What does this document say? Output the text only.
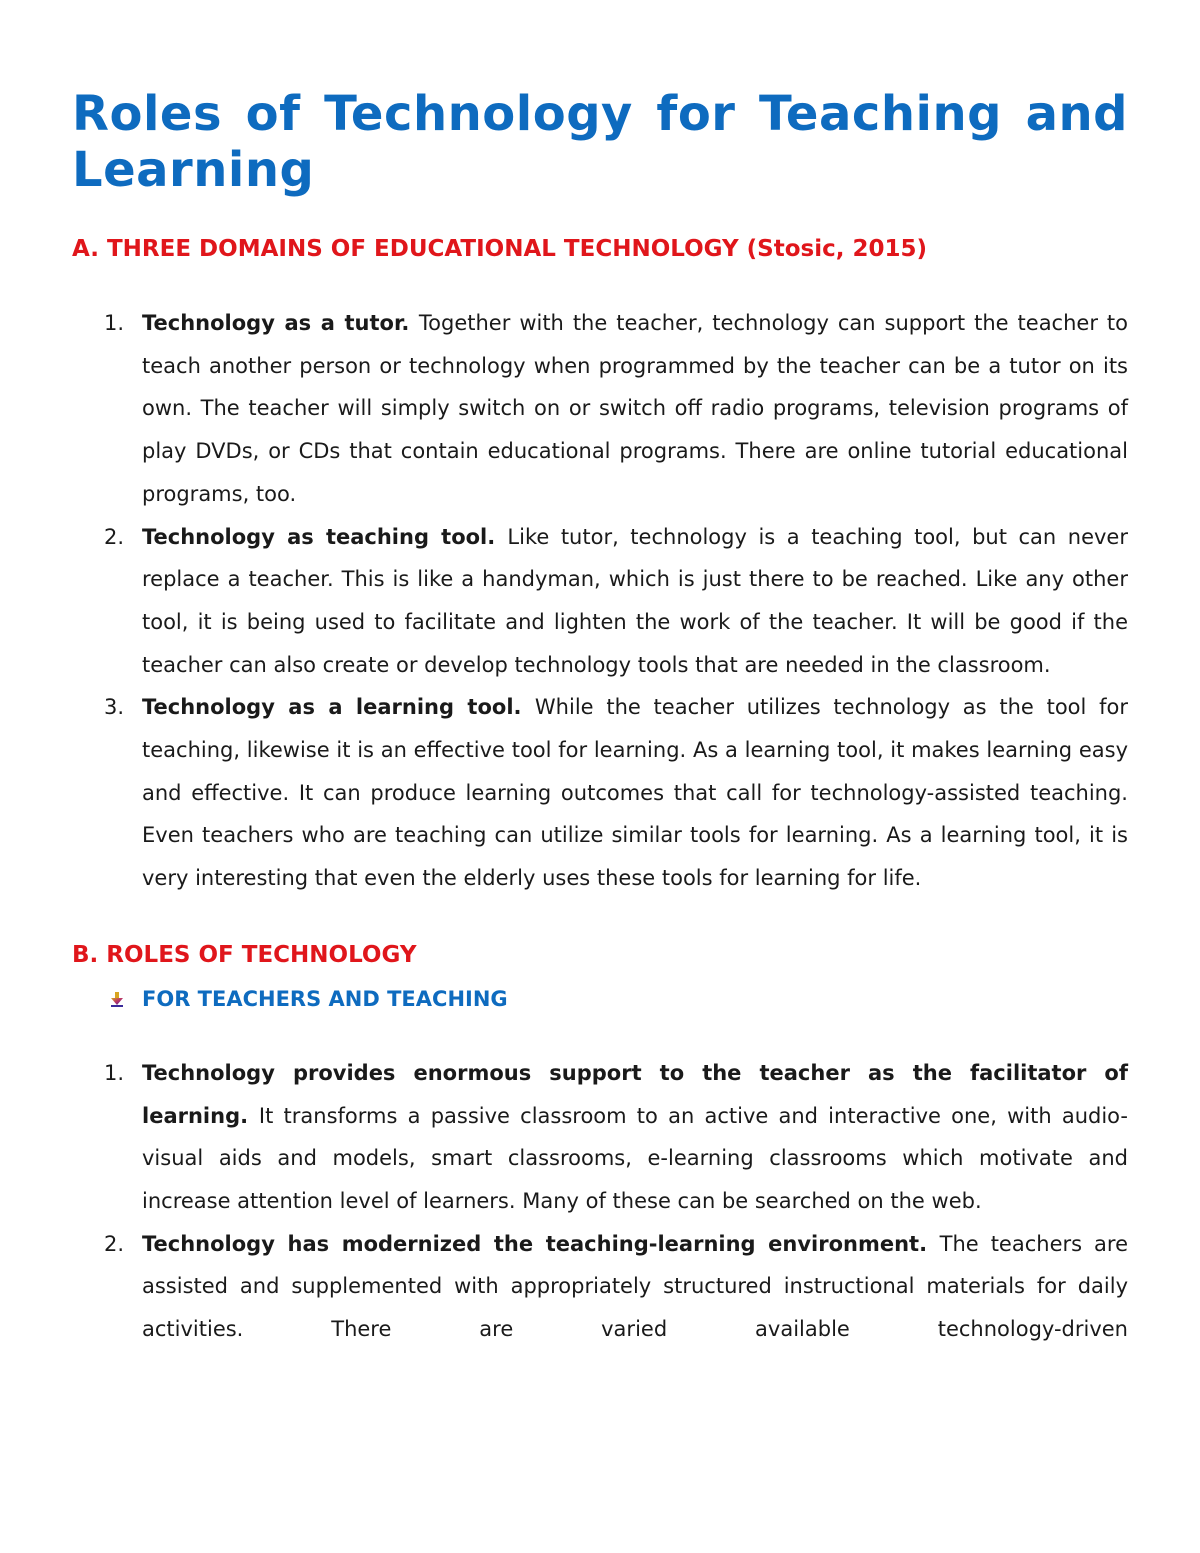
Roles of Technology for Teaching and Learning
A. THREE DOMAINS OF EDUCATIONAL TECHNOLOGY (Stosic, 2015)
1. Technology as a tutor. Together with the teacher, technology can support the teacher to teach another person or technology when programmed by the teacher can be a tutor on its own. The teacher will simply switch on or switch off radio programs, television programs of play DVDs, or CDs that contain educational programs. There are online tutorial educational programs, too.
2. Technology as teaching tool. Like tutor, technology is a teaching tool, but can never replace a teacher. This is like a handyman, which is just there to be reached. Like any other tool, it is being used to facilitate and lighten the work of the teacher. It will be good if the teacher can also create or develop technology tools that are needed in the classroom.
3. Technology as a learning tool. While the teacher utilizes technology as the tool for teaching, likewise it is an effective tool for learning. As a learning tool, it makes learning easy and effective. It can produce learning outcomes that call for technology-assisted teaching. Even teachers who are teaching can utilize similar tools for learning. As a learning tool, it is very interesting that even the elderly uses these tools for learning for life.
B. ROLES OF TECHNOLOGY
FOR TEACHERS AND TEACHING
1. Technology provides enormous support to the teacher as the facilitator of learning. It transforms a passive classroom to an active and interactive one, with audio-visual aids and models, smart classrooms, e-learning classrooms which motivate and increase attention level of learners. Many of these can be searched on the web.
2. Technology has modernized the teaching-learning environment. The teachers are assisted and supplemented with appropriately structured instructional materials for daily activities. There are varied available technology-driven
